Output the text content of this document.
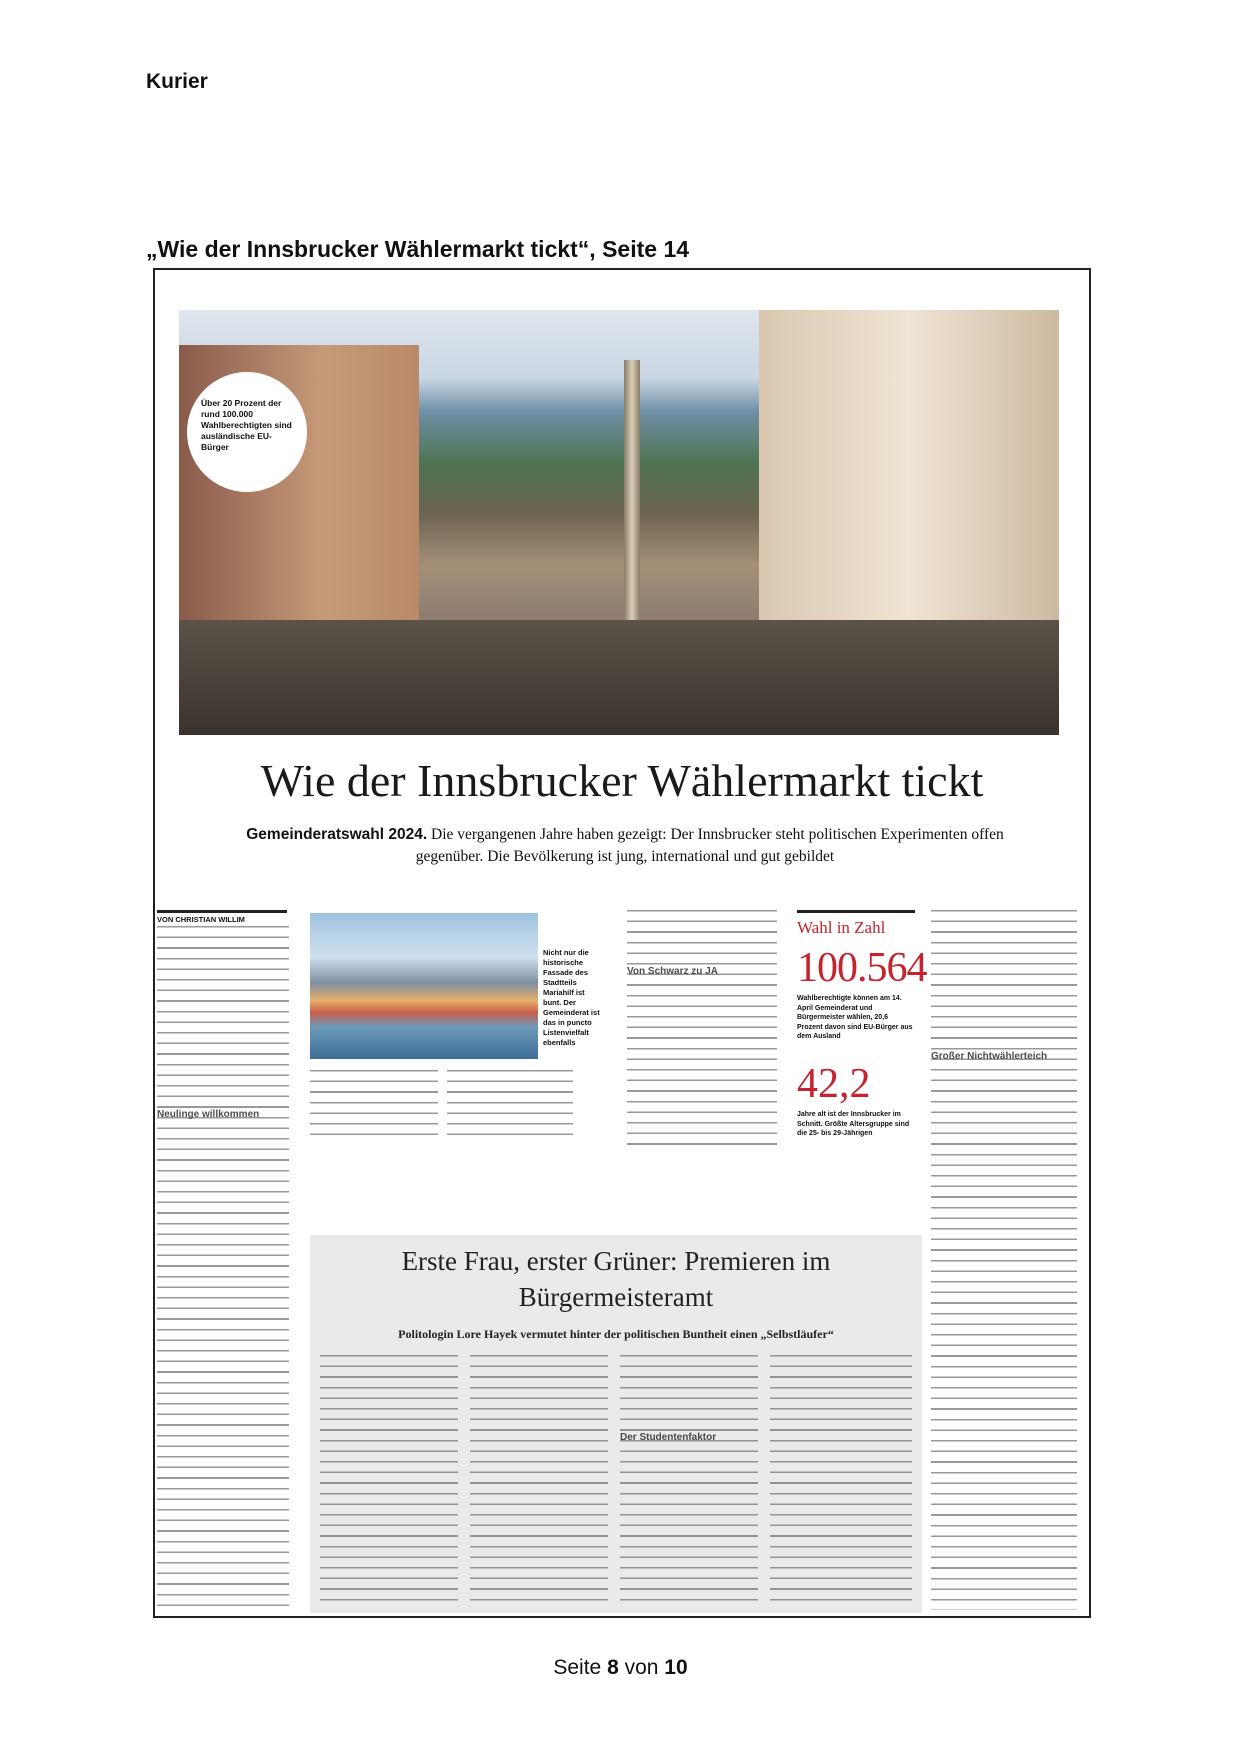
Kurier
„Wie der Innsbrucker Wählermarkt tickt“, Seite 14
Über 20 Prozent der rund 100.000 Wahlberechtigten sind ausländische EU-Bürger
Wie der Innsbrucker Wählermarkt tickt
Gemeinderatswahl 2024. Die vergangenen Jahre haben gezeigt: Der Innsbrucker steht politischen Experimenten offen gegenüber. Die Bevölkerung ist jung, international und gut gebildet
VON CHRISTIAN WILLIM
Neulinge willkommen
Nicht nur die historische Fassade des Stadtteils Mariahilf ist bunt. Der Gemeinderat ist das in puncto Listenvielfalt ebenfalls
Von Schwarz zu JA
Wahl in Zahl
100.564
Wahlberechtigte können am 14. April Gemeinderat und Bürgermeister wählen, 20,6 Prozent davon sind EU-Bürger aus dem Ausland
42,2
Jahre alt ist der Innsbrucker im Schnitt. Größte Altersgruppe sind die 25- bis 29-Jährigen
Großer Nichtwählerteich
Erste Frau, erster Grüner: Premieren im Bürgermeisteramt
Politologin Lore Hayek vermutet hinter der politischen Buntheit einen „Selbstläufer“
Der Studentenfaktor
Seite 8 von 10
